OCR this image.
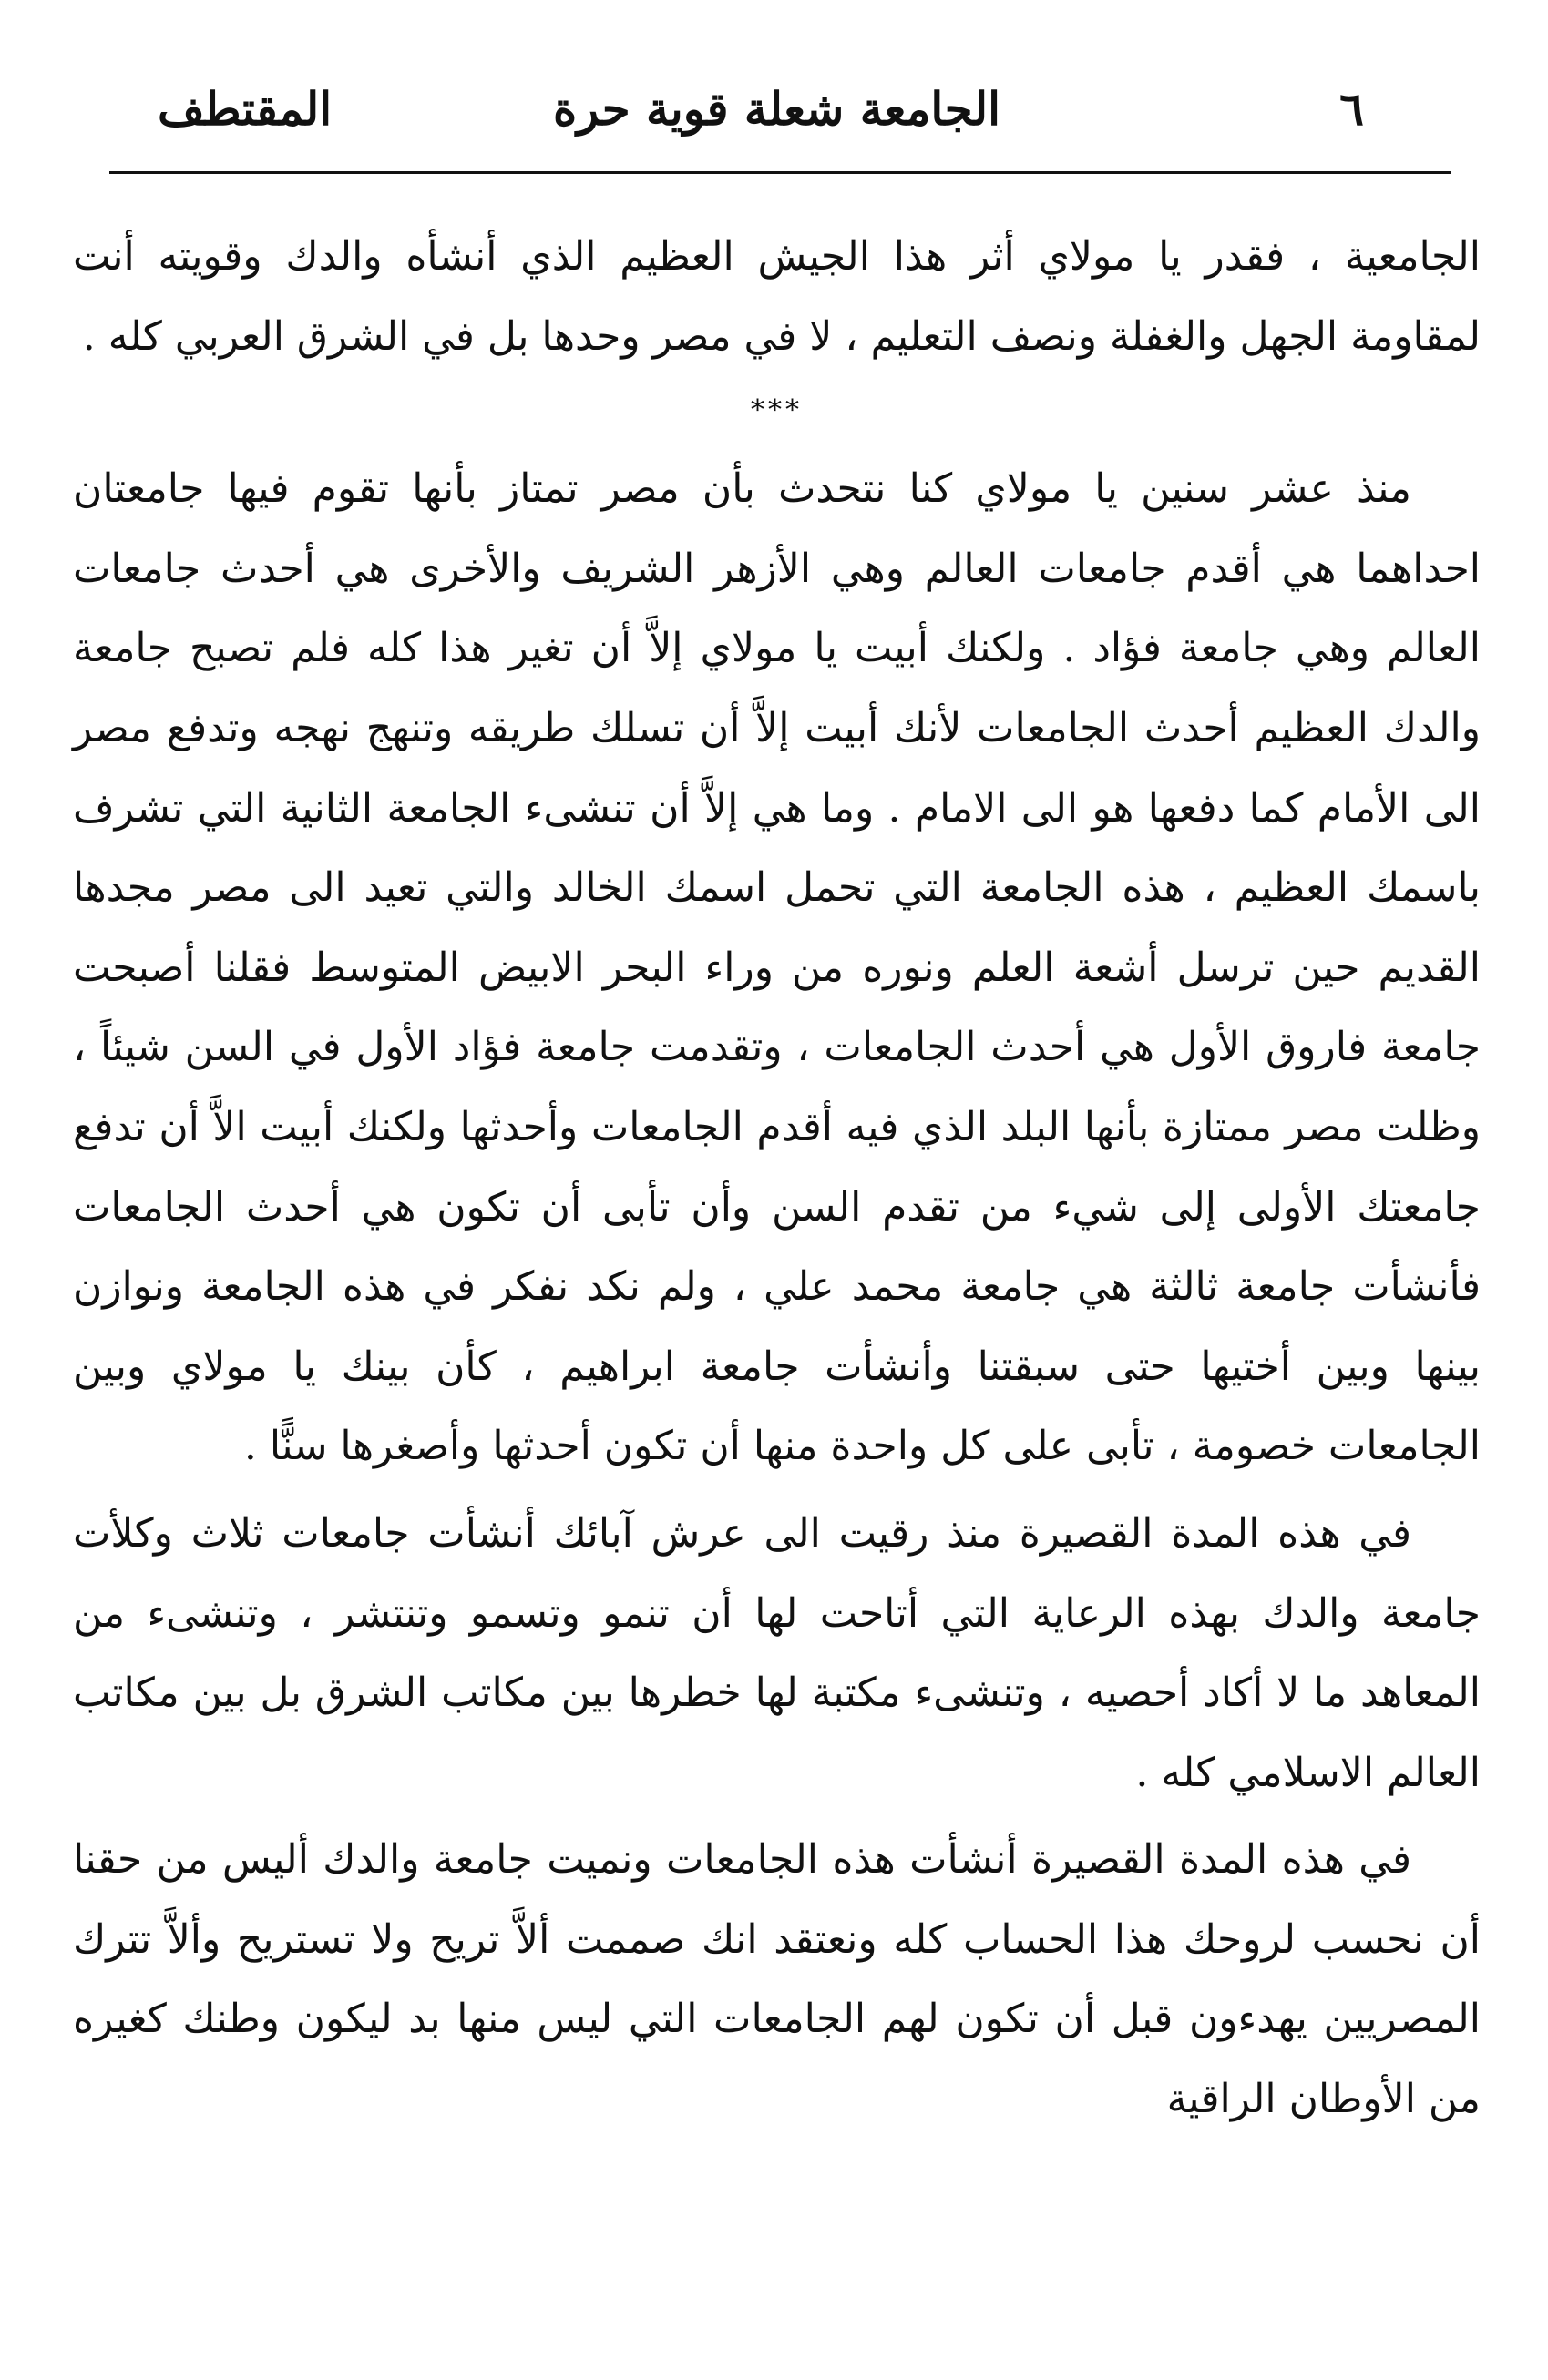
٦
الجامعة شعلة قوية حرة
المقتطف

الجامعية ، فقدر يا مولاي أثر هذا الجيش العظيم الذي أنشأه والدك وقويته أنت لمقاومة الجهل والغفلة ونصف التعليم ، لا في مصر وحدها بل في الشرق العربي كله .

***

منذ عشر سنين يا مولاي كنا نتحدث بأن مصر تمتاز بأنها تقوم فيها جامعتان احداهما هي أقدم جامعات العالم وهي الأزهر الشريف والأخرى هي أحدث جامعات العالم وهي جامعة فؤاد . ولكنك أبيت يا مولاي إلاَّ أن تغير هذا كله فلم تصبح جامعة والدك العظيم أحدث الجامعات لأنك أبيت إلاَّ أن تسلك طريقه وتنهج نهجه وتدفع مصر الى الأمام كما دفعها هو الى الامام . وما هي إلاَّ أن تنشىء الجامعة الثانية التي تشرف باسمك العظيم ، هذه الجامعة التي تحمل اسمك الخالد والتي تعيد الى مصر مجدها القديم حين ترسل أشعة العلم ونوره من وراء البحر الابيض المتوسط فقلنا أصبحت جامعة فاروق الأول هي أحدث الجامعات ، وتقدمت جامعة فؤاد الأول في السن شيئاً ، وظلت مصر ممتازة بأنها البلد الذي فيه أقدم الجامعات وأحدثها ولكنك أبيت الاَّ أن تدفع جامعتك الأولى إلى شيء من تقدم السن وأن تأبى أن تكون هي أحدث الجامعات فأنشأت جامعة ثالثة هي جامعة محمد علي ، ولم نكد نفكر في هذه الجامعة ونوازن بينها وبين أختيها حتى سبقتنا وأنشأت جامعة ابراهيم ، كأن بينك يا مولاي وبين الجامعات خصومة ، تأبى على كل واحدة منها أن تكون أحدثها وأصغرها سنًّا .

في هذه المدة القصيرة منذ رقيت الى عرش آبائك أنشأت جامعات ثلاث وكلأت جامعة والدك بهذه الرعاية التي أتاحت لها أن تنمو وتسمو وتنتشر ، وتنشىء من المعاهد ما لا أكاد أحصيه ، وتنشىء مكتبة لها خطرها بين مكاتب الشرق بل بين مكاتب العالم الاسلامي كله .

في هذه المدة القصيرة أنشأت هذه الجامعات ونميت جامعة والدك أليس من حقنا أن نحسب لروحك هذا الحساب كله ونعتقد انك صممت ألاَّ تريح ولا تستريح وألاَّ تترك المصريين يهدءون قبل أن تكون لهم الجامعات التي ليس منها بد ليكون وطنك كغيره من الأوطان الراقية
